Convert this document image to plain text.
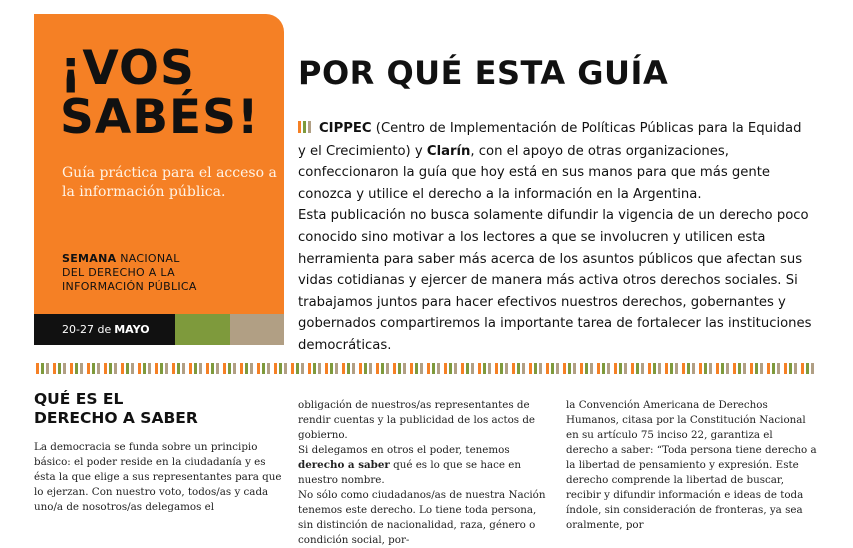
¡VOS
SABÉS!
Guía práctica para el acceso a la información pública.
SEMANA NACIONAL
DEL DERECHO A LA
INFORMACIÓN PÚBLICA
20-27 de MAYO
POR QUÉ ESTA GUÍA
CIPPEC (Centro de Implementación de Políticas Públicas para la Equidad y el Crecimiento) y Clarín, con el apoyo de otras organizaciones, confeccionaron la guía que hoy está en sus manos para que más gente conozca y utilice el derecho a la información en la Argentina.
Esta publicación no busca solamente difundir la vigencia de un derecho poco conocido sino motivar a los lectores a que se involucren y utilicen esta herramienta para saber más acerca de los asuntos públicos que afectan sus vidas cotidianas y ejercer de manera más activa otros derechos sociales. Si trabajamos juntos para hacer efectivos nuestros derechos, gobernantes y gobernados compartiremos la importante tarea de fortalecer las instituciones democráticas.
QUÉ ES EL
DERECHO A SABER
La democracia se funda sobre un principio básico: el poder reside en la ciudadanía y es ésta la que elige a sus representantes para que lo ejerzan. Con nuestro voto, todos/as y cada uno/a de nosotros/as delegamos el
obligación de nuestros/as representantes de rendir cuentas y la publicidad de los actos de gobierno.
Si delegamos en otros el poder, tenemos derecho a saber qué es lo que se hace en nuestro nombre.
No sólo como ciudadanos/as de nuestra Nación tenemos este derecho. Lo tiene toda persona, sin distinción de nacionalidad, raza, género o condición social, por-
la Convención Americana de Derechos Humanos, citasa por la Constitución Nacional en su artículo 75 inciso 22, garantiza el derecho a saber: “Toda persona tiene derecho a la libertad de pensamiento y expresión. Este derecho comprende la libertad de buscar, recibir y difundir información e ideas de toda índole, sin consideración de fronteras, ya sea oralmente, por
